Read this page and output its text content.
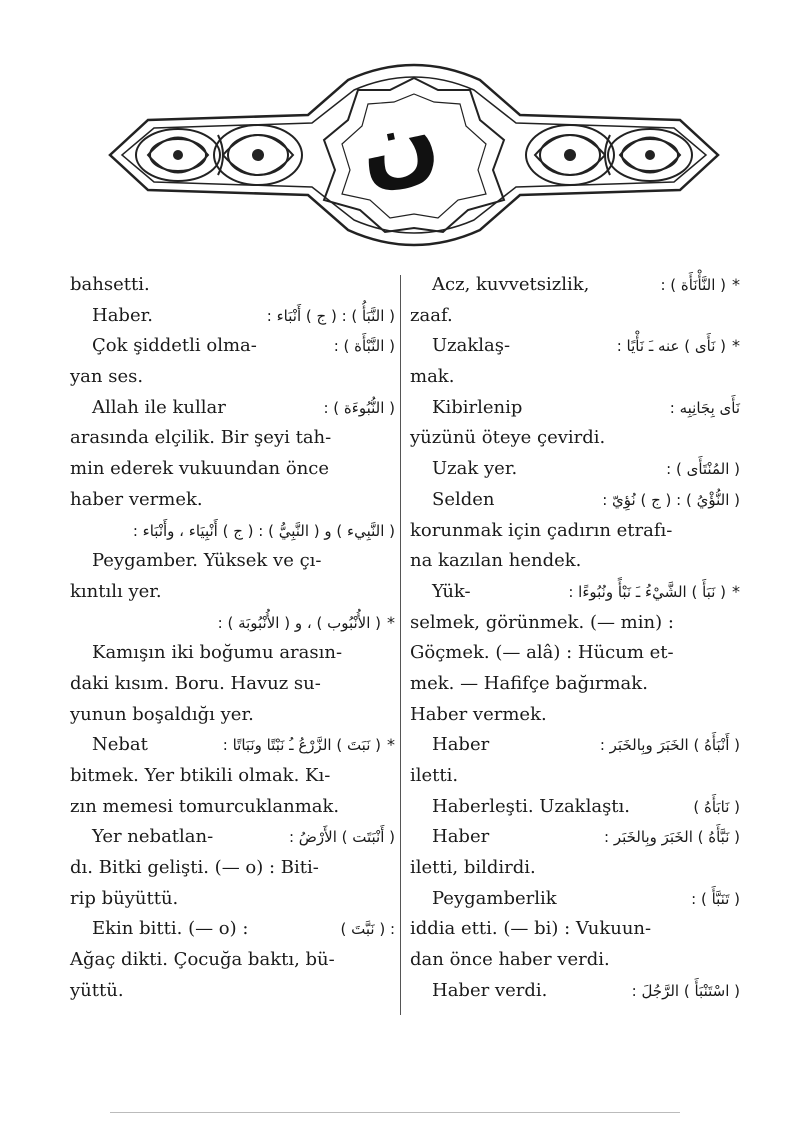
ن
bahsetti.
Haber.	( النَّبَأُ ) : ( ج ) أَنْبَاء :
Çok şiddetli olma-	( النَّبْأَة ) :
yan ses.
Allah ile kullar	( النُّبُوءَة ) :
arasında elçilik. Bir şeyi tah-
min ederek vukuundan önce
haber vermek.
( النَّبِيء ) و ( النَّبِيُّ ) : ( ج ) أَنْبِيَاء ، وأَنْبَاء :
Peygamber. Yüksek ve çı-
kıntılı yer.
( الأُنْبُوب ) ، و ( الأُنْبُوبَة ) : *
Kamışın iki boğumu arasın-
daki kısım. Boru. Havuz su-
yunun boşaldığı yer.
Nebat	( نَبَتَ ) الزَّرْعُ ـُ نَبْتًا ونَبَاتًا : *
bitmek. Yer btikili olmak. Kı-
zın memesi tomurcuklanmak.
Yer nebatlan-	( أَنْبَتَت ) الأَرْضُ :
dı. Bitki gelişti. (— o) : Biti-
rip büyüttü.
Ekin bitti. (— o) :	: ( نَبَّتَ )
Ağaç dikti. Çocuğa baktı, bü-
yüttü.
Acz, kuvvetsizlik,	( النَّأْنَأَة ) : *
zaaf.
Uzaklaş-	( نَأَى ) عنه ـَ نَأْيًا : *
mak.
Kibirlenip	نَأَى بِجَانِبِه :
yüzünü öteye çevirdi.
Uzak yer.	( المُنْتَأَى ) :
Selden	( النُّؤْيُ ) : ( ج ) نُؤِيّ :
korunmak için çadırın etrafı-
na kazılan hendek.
Yük-	( نَبَأَ ) الشَّيْءُ ـَ نَبْأً ونُبُوءًا : *
selmek, görünmek. (— min) :
Göçmek. (— alâ) : Hücum et-
mek. — Hafifçe bağırmak.
Haber vermek.
Haber	( أَنْبَأَهُ ) الخَبَرَ وبِالخَبَر :
iletti.
Haberleşti. Uzaklaştı.	( نَابَأَهُ )
Haber	( نَبَّأَهُ ) الخَبَرَ وبِالخَبَر :
iletti, bildirdi.
Peygamberlik	( تَنَبَّأَ ) :
iddia etti. (— bi) : Vukuun-
dan önce haber verdi.
Haber verdi.	( اسْتَنْبَأَ ) الرَّجُلَ :
